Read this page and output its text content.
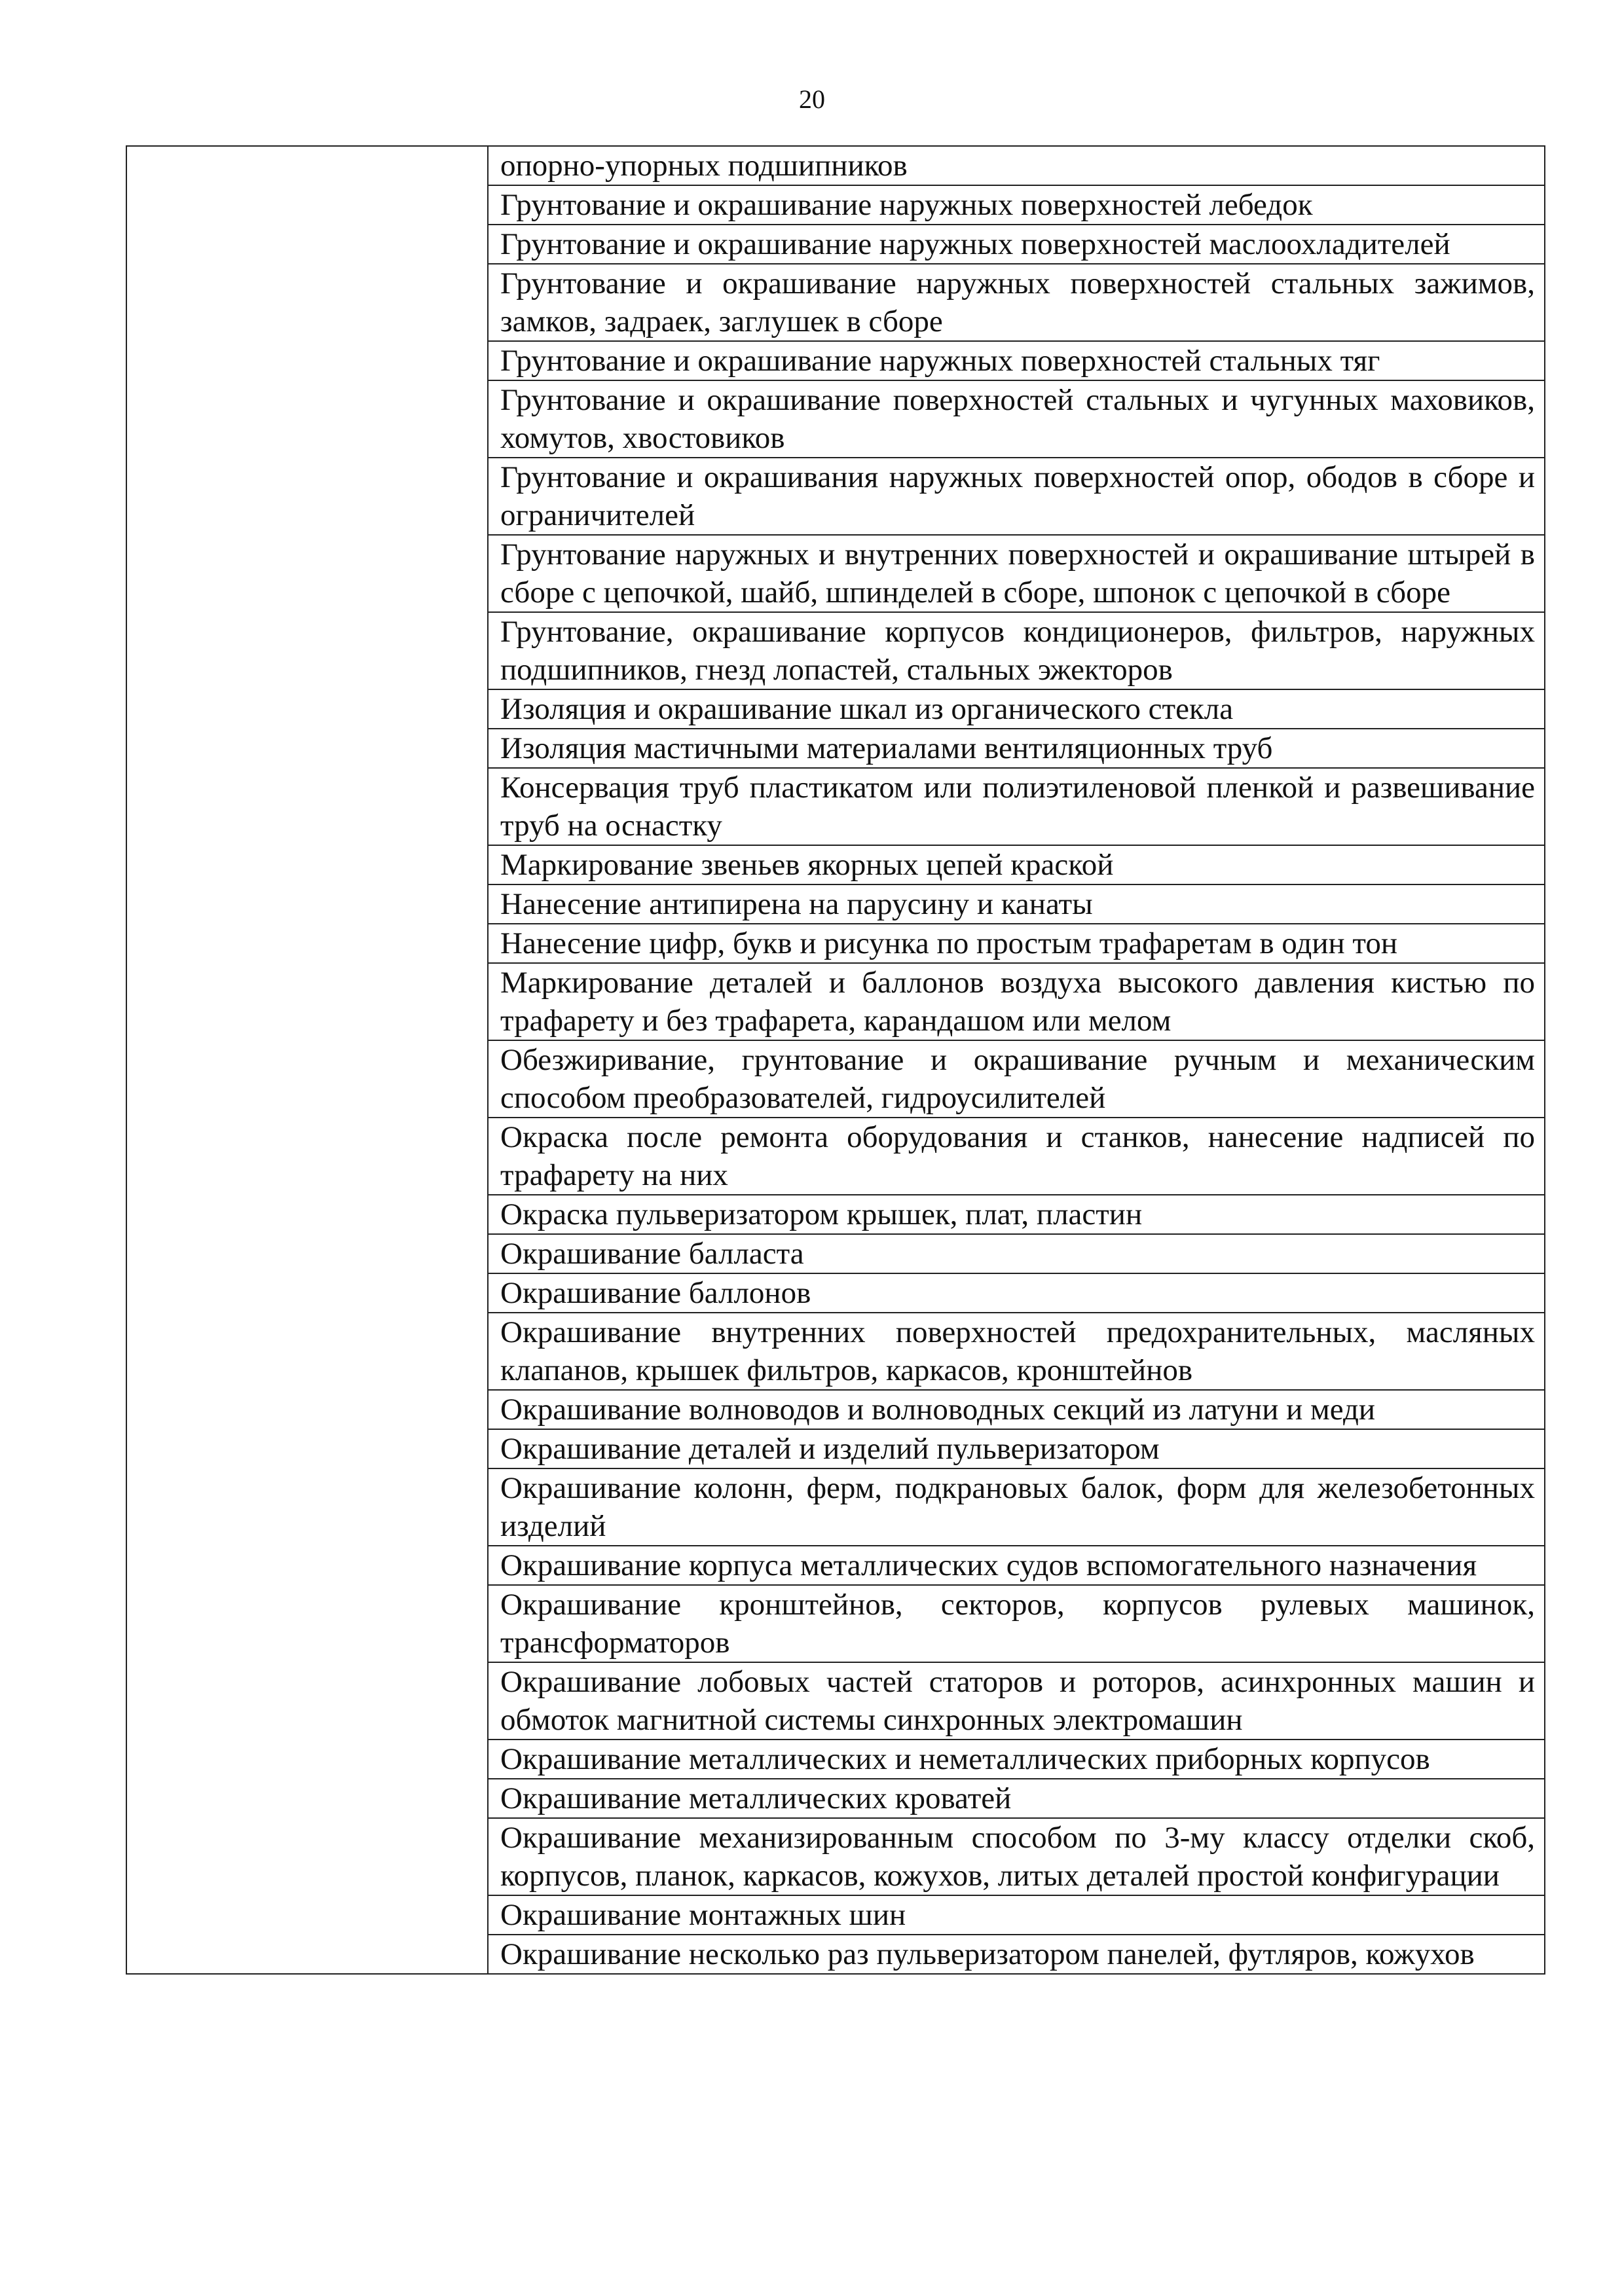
20
	опорно-упорных подшипников
Грунтование и окрашивание наружных поверхностей лебедок
Грунтование и окрашивание наружных поверхностей маслоохладителей
Грунтование и окрашивание наружных поверхностей стальных зажимов, замков, задраек, заглушек в сборе
Грунтование и окрашивание наружных поверхностей стальных тяг
Грунтование и окрашивание поверхностей стальных и чугунных маховиков, хомутов, хвостовиков
Грунтование и окрашивания наружных поверхностей опор, ободов в сборе и ограничителей
Грунтование наружных и внутренних поверхностей и окрашивание штырей в сборе с цепочкой, шайб, шпинделей в сборе, шпонок с цепочкой в сборе
Грунтование, окрашивание корпусов кондиционеров, фильтров, наружных подшипников, гнезд лопастей, стальных эжекторов
Изоляция и окрашивание шкал из органического стекла
Изоляция мастичными материалами вентиляционных труб
Консервация труб пластикатом или полиэтиленовой пленкой и развешивание труб на оснастку
Маркирование звеньев якорных цепей краской
Нанесение антипирена на парусину и канаты
Нанесение цифр, букв и рисунка по простым трафаретам в один тон
Маркирование деталей и баллонов воздуха высокого давления кистью по трафарету и без трафарета, карандашом или мелом
Обезжиривание, грунтование и окрашивание ручным и механическим способом преобразователей, гидроусилителей
Окраска после ремонта оборудования и станков, нанесение надписей по трафарету на них
Окраска пульверизатором крышек, плат, пластин
Окрашивание балласта
Окрашивание баллонов
Окрашивание внутренних поверхностей предохранительных, масляных клапанов, крышек фильтров, каркасов, кронштейнов
Окрашивание волноводов и волноводных секций из латуни и меди
Окрашивание деталей и изделий пульверизатором
Окрашивание колонн, ферм, подкрановых балок, форм для железобетонных изделий
Окрашивание корпуса металлических судов вспомогательного назначения
Окрашивание кронштейнов, секторов, корпусов рулевых машинок, трансформаторов
Окрашивание лобовых частей статоров и роторов, асинхронных машин и обмоток магнитной системы синхронных электромашин
Окрашивание металлических и неметаллических приборных корпусов
Окрашивание металлических кроватей
Окрашивание механизированным способом по 3-му классу отделки скоб, корпусов, планок, каркасов, кожухов, литых деталей простой конфигурации
Окрашивание монтажных шин
Окрашивание несколько раз пульверизатором панелей, футляров, кожухов
